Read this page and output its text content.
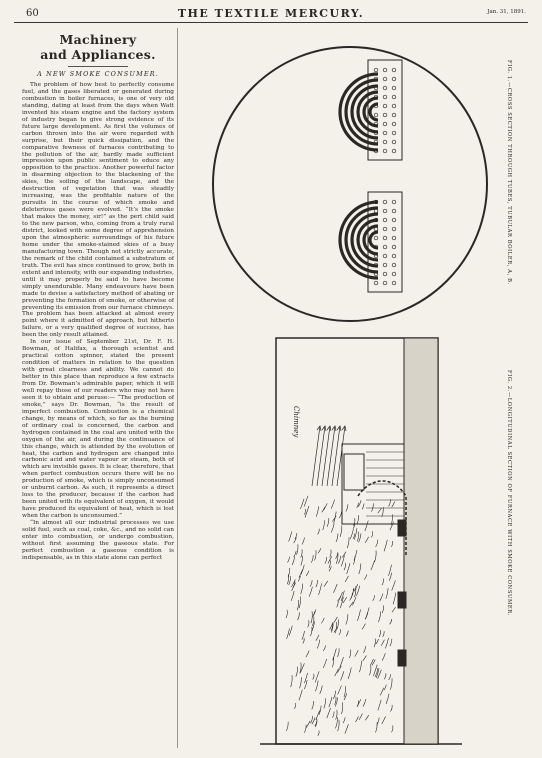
60	THE TEXTILE MERCURY.	Jan. 31, 1891.
Machinery
and Appliances.
A NEW SMOKE CONSUMER.

The problem of how best to perfectly consume fuel, and the gases liberated or generated during combustion in boiler furnaces, is one of very old standing, dating at least from the days when Watt invented his steam engine and the factory system of industry began to give strong evidence of its future large development. As first the volumes of carbon thrown into the air were regarded with surprise, but their quick dissipation, and the comparative fewness of furnaces contributing to the pollution of the air, hardly made sufficient impression upon public sentiment to educe any opposition to the practice. Another powerful factor in disarming objection to the blackening of the skies, the soiling of the landscape, and the destruction of vegetation that was steadily increasing, was the profitable nature of the pursuits in the course of which smoke and deleterious gases were evolved. “It’s the smoke that makes the money, sir!” as the pert child said to the new parson, who, coming from a truly rural district, looked with some degree of apprehension upon the atmospheric surroundings of his future home under the smoke-stained skies of a busy manufacturing town. Though not strictly accurate, the remark of the child contained a substratum of truth. The evil has since continued to grow, both in extent and intensity, with our expanding industries, until it may properly be said to have become simply unendurable. Many endeavours have been made to devise a satisfactory method of abating or preventing the formation of smoke, or otherwise of preventing its emission from our furnace chimneys. The problem has been attacked at almost every point where it admitted of approach, but hitherto failure, or a very qualified degree of success, has been the only result attained.

In our issue of September 21st, Dr. F. H. Bowman, of Halifax, a thorough scientist and practical cotton spinner, stated the present condition of matters in relation to the question with great clearness and ability. We cannot do better in this place than reproduce a few extracts from Dr. Bowman’s admirable paper, which it will well repay those of our readers who may not have seen it to obtain and peruse:— “The production of smoke,” says Dr. Bowman, “is the result of imperfect combustion. Combustion is a chemical change, by means of which, so far as the burning of ordinary coal is concerned, the carbon and hydrogen contained in the coal are united with the oxygen of the air, and during the continuance of this change, which is attended by the evolution of heat, the carbon and hydrogen are changed into carbonic acid and water vapour or steam, both of which are invisible gases. It is clear, therefore, that when perfect combustion occurs there will be no production of smoke, which is simply unconsumed or unburnt carbon. As such, it represents a direct loss to the producer, because if the carbon had been united with its equivalent of oxygen, it would have produced its equivalent of heat, which is lost when the carbon is unconsumed.”

“In almost all our industrial processes we use solid fuel, such as coal, coke, &c., and no solid can enter into combustion, or undergo combustion, without first assuming the gaseous state. For perfect combustion a gaseous condition is indispensable, as in this state alone can perfect

Chimney
FIG. 1.—CROSS SECTION THROUGH TUBES, TUBULAR BOILER, A, B.
FIG. 2.—LONGITUDINAL SECTION OF FURNACE WITH SMOKE CONSUMER.
